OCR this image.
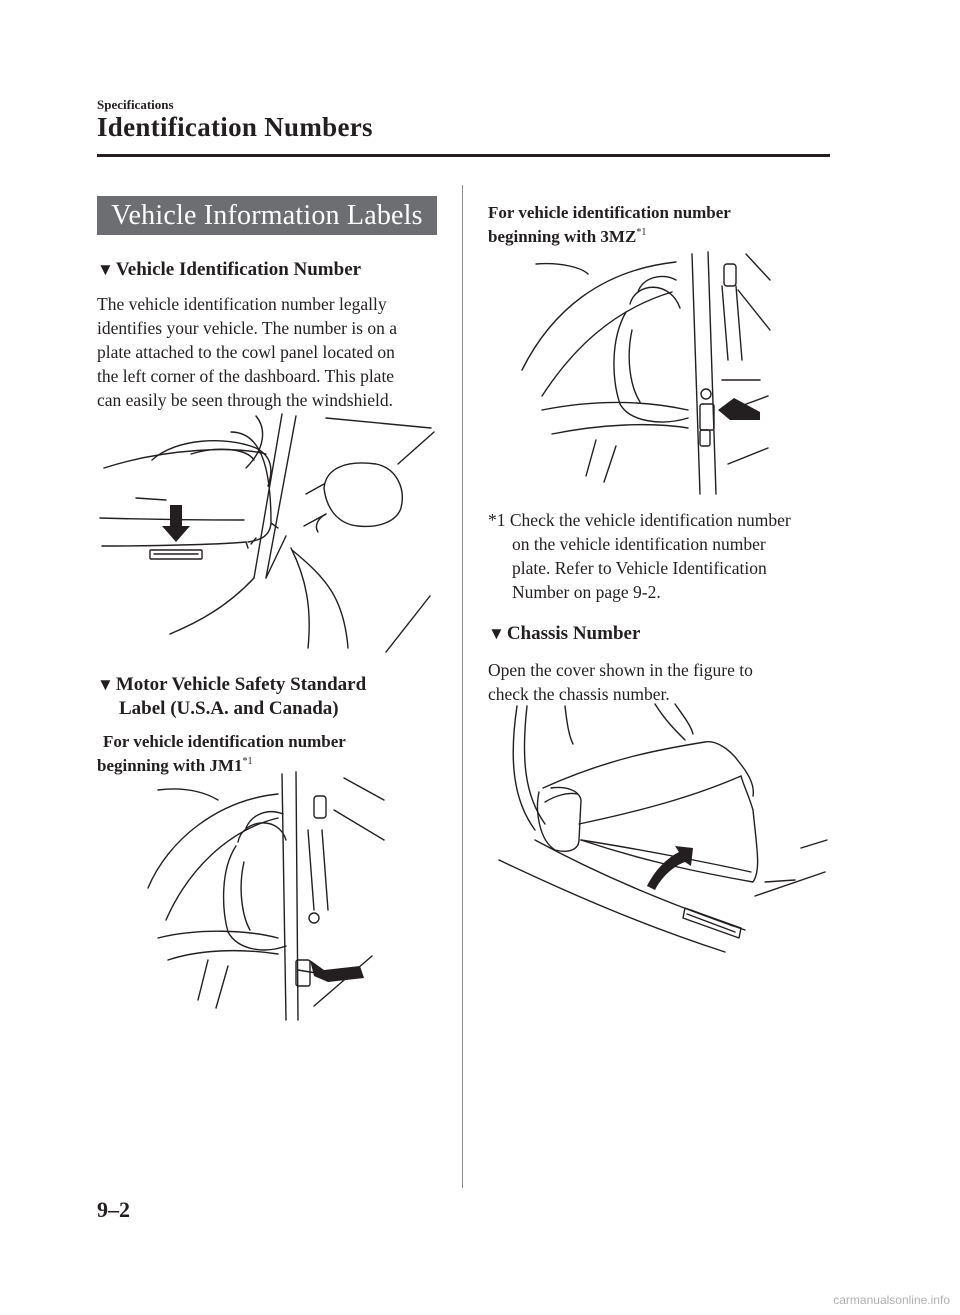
Specifications
Identification Numbers
Vehicle Information Labels
▼ Vehicle Identification Number
The vehicle identification number legally
identifies your vehicle. The number is on a
plate attached to the cowl panel located on
the left corner of the dashboard. This plate
can easily be seen through the windshield.
▼ Motor Vehicle Safety Standard
Label (U.S.A. and Canada)
For vehicle identification number
beginning with JM1$^{*1}$
For vehicle identification number
beginning with 3MZ$^{*1}$
*1 Check the vehicle identification number
on the vehicle identification number
plate. Refer to Vehicle Identification
Number on page 9-2.
▼ Chassis Number
Open the cover shown in the figure to
check the chassis number.
9–2
carmanualsonline.info
